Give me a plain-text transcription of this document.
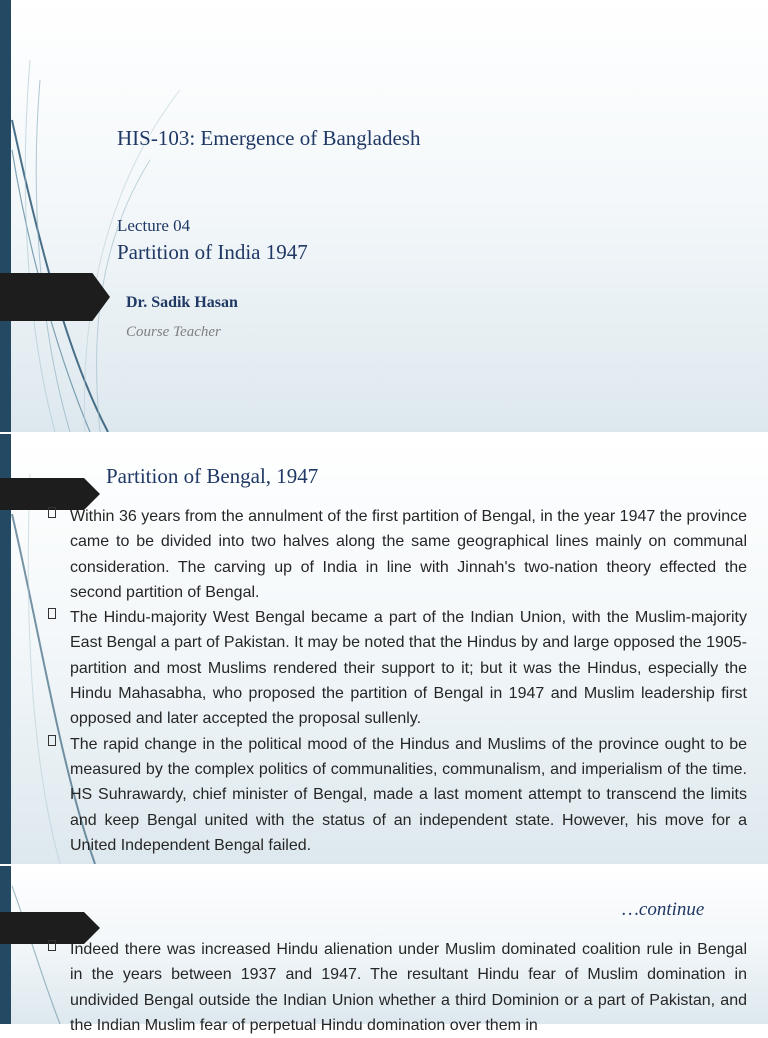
HIS-103: Emergence of Bangladesh
Lecture 04
Partition of India 1947
Dr. Sadik Hasan
Course Teacher
Partition of Bengal, 1947

Within 36 years from the annulment of the first partition of Bengal, in the year 1947 the province came to be divided into two halves along the same geographical lines mainly on communal consideration. The carving up of India in line with Jinnah's two-nation theory effected the second partition of Bengal.

The Hindu-majority West Bengal became a part of the Indian Union, with the Muslim-majority East Bengal a part of Pakistan. It may be noted that the Hindus by and large opposed the 1905-partition and most Muslims rendered their support to it; but it was the Hindus, especially the Hindu Mahasabha, who proposed the partition of Bengal in 1947 and Muslim leadership first opposed and later accepted the proposal sullenly.

The rapid change in the political mood of the Hindus and Muslims of the province ought to be measured by the complex politics of communalities, communalism, and imperialism of the time. HS Suhrawardy, chief minister of Bengal, made a last moment attempt to transcend the limits and keep Bengal united with the status of an independent state. However, his move for a United Independent Bengal failed.

…continue

Indeed there was increased Hindu alienation under Muslim dominated coalition rule in Bengal in the years between 1937 and 1947. The resultant Hindu fear of Muslim domination in undivided Bengal outside the Indian Union whether a third Dominion or a part of Pakistan, and the Indian Muslim fear of perpetual Hindu domination over them in
